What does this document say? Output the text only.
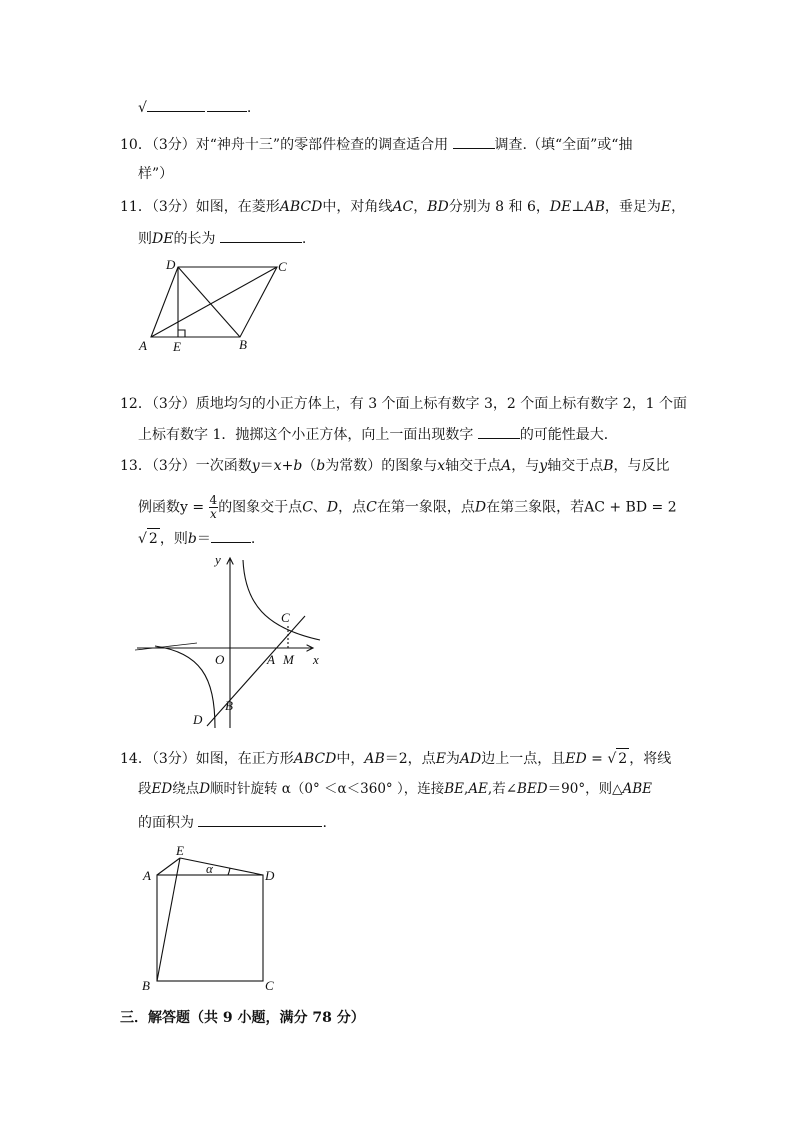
√	.
10．（3分）对“神舟十三”的零部件检查的调查适合用	调查.（填“全面”或“抽
样”）
11．（3分）如图，在菱形ABCD中，对角线AC，BD分别为 8 和 6，DE⊥AB，垂足为E，
则DE的长为	.
A E	B
C
D
12．（3分）质地均匀的小正方体上，有 3 个面上标有数字 3，2 个面上标有数字 2，1 个面
上标有数字 1．抛掷这个小正方体，向上一面出现数字	的可能性最大．
13．（3分）一次函数y＝x+b（b为常数）的图象与x轴交于点A，与y轴交于点B，与反比
例函数$y = \frac{4}{x}$ 的图象交于点C、D，点C在第一象限，点D在第三象限，若AC + BD = 2
√ 2 ，则b＝	.
y
x
O	A M
C
B
D
14．（3分）如图，在正方形ABCD中，AB＝2，点E为AD边上一点，且ED = √ 2 ，将线
段ED绕点D顺时针旋转 α（0° ＜α＜360° ），连接BE,AE,若∠BED＝90°，则△ABE
的面积为	.
E
A	α	D
B	C
三．解答题（共 9 小题，满分 78 分）
